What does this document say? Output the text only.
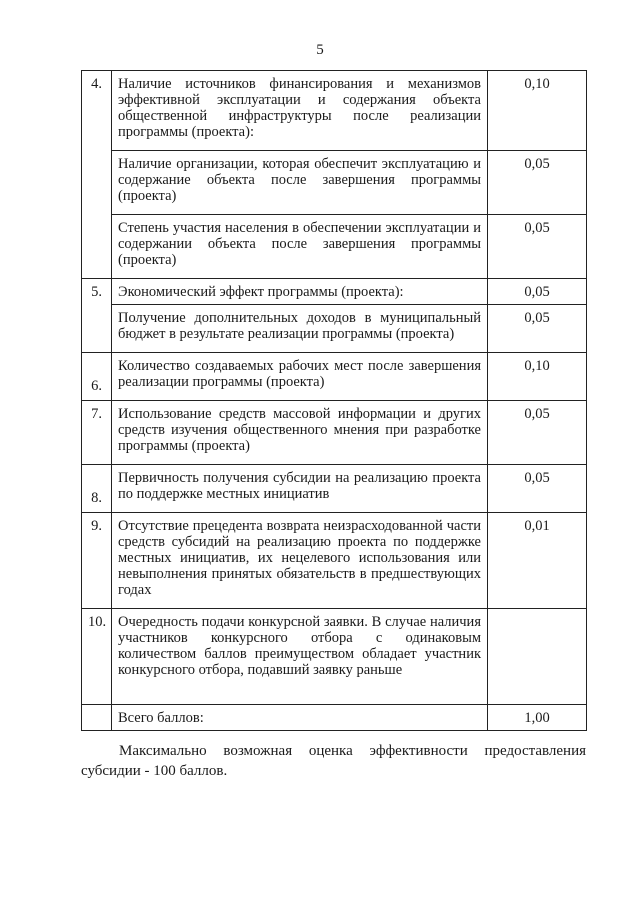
5
4.	Наличие источников финансирования и механизмов эффективной эксплуатации и содержания объекта общественной инфраструктуры после реализации программы (проекта):	0,10
	Наличие организации, которая обеспечит эксплуатацию и содержание объекта после завершения программы (проекта)	0,05
	Степень участия населения в обеспечении эксплуатации и содержании объекта после завершения программы (проекта)	0,05
5.	Экономический эффект программы (проекта):	0,05
	Получение дополнительных доходов в муниципальный бюджет в результате реализации программы (проекта)	0,05
6.	Количество создаваемых рабочих мест после завершения реализации программы (проекта)	0,10
7.	Использование средств массовой информации и других средств изучения общественного мнения при разработке программы (проекта)	0,05
8.	Первичность получения субсидии на реализацию проекта по поддержке местных инициатив	0,05
9.	Отсутствие прецедента возврата неизрасходованной части средств субсидий на реализацию проекта по поддержке местных инициатив, их нецелевого использования или невыполнения принятых обязательств в предшествующих годах	0,01
10.	Очередность подачи конкурсной заявки. В случае наличия участников конкурсного отбора с одинаковым количеством баллов преимуществом обладает участник конкурсного отбора, подавший заявку раньше	
	Всего баллов:	1,00
Максимально возможная оценка эффективности предоставления субсидии - 100 баллов.
